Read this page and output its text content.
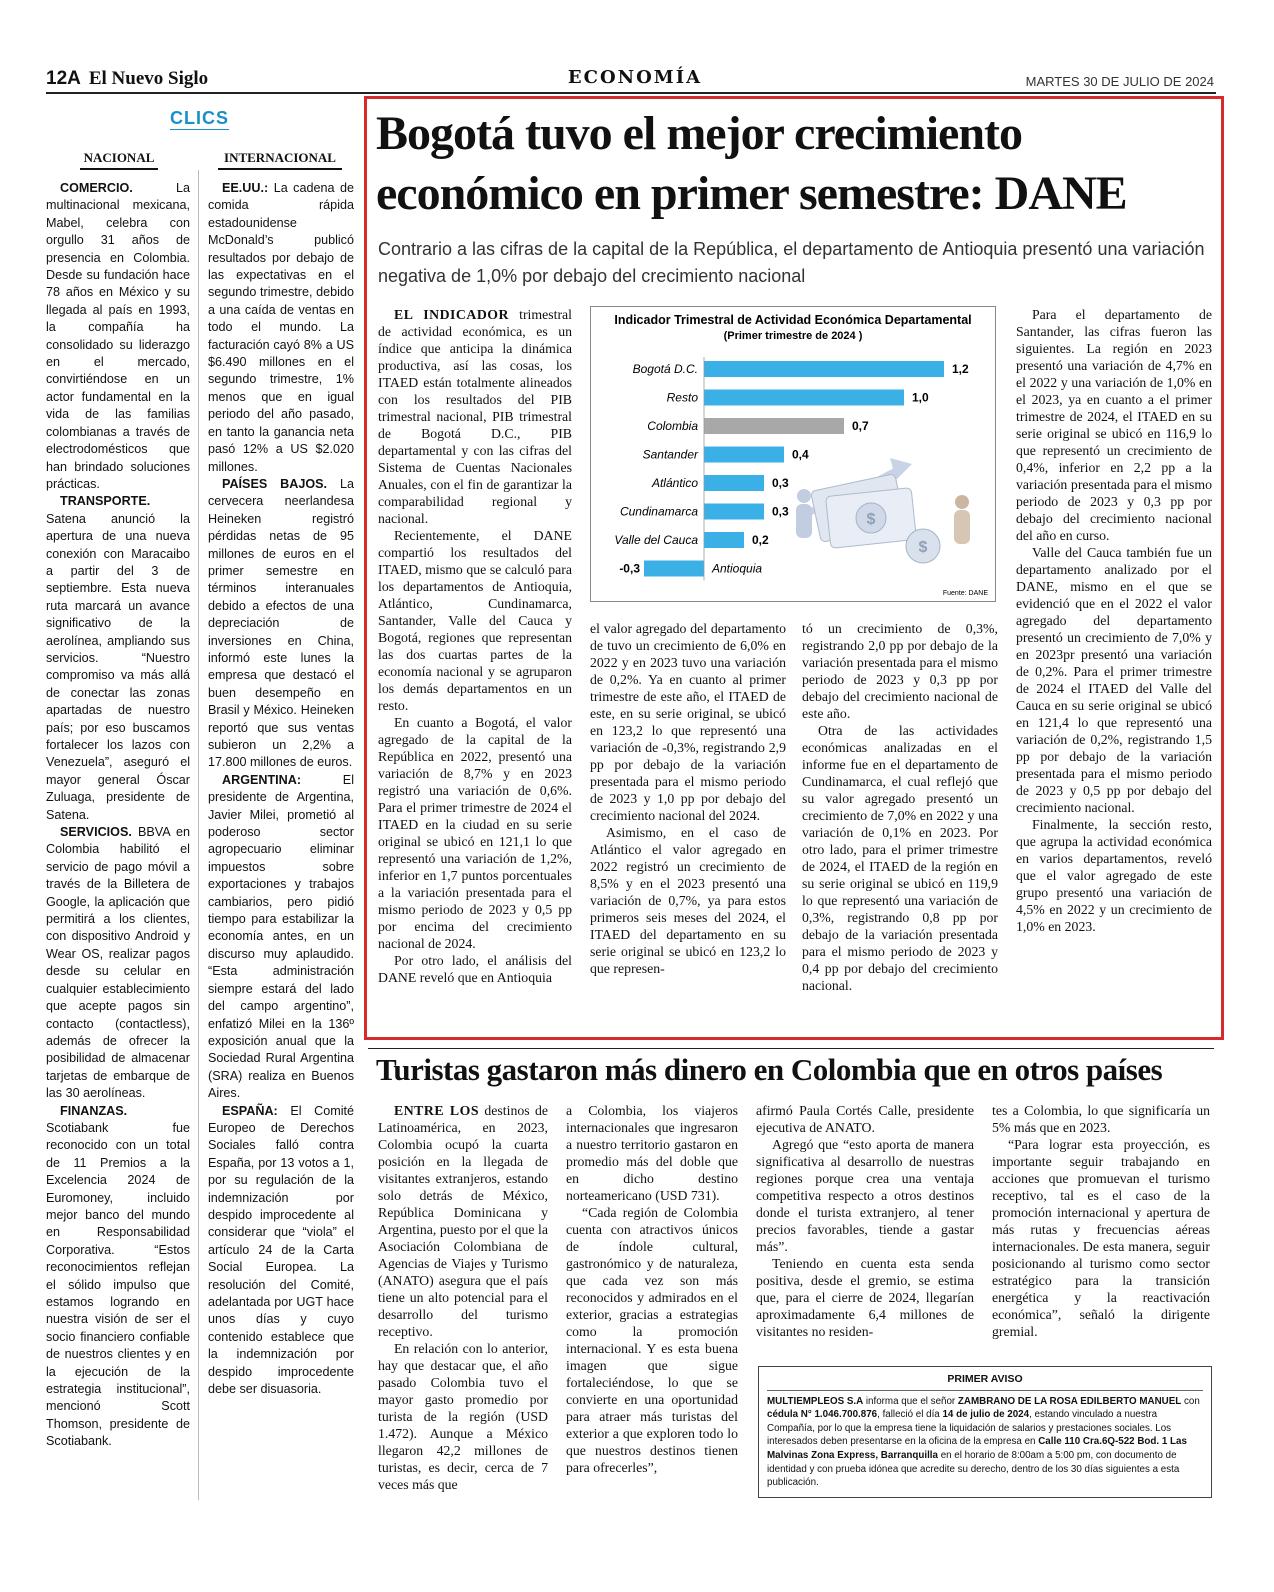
12A El Nuevo Siglo	ECONOMÍA	MARTES 30 DE JULIO DE 2024
CLICS
NACIONAL	INTERNACIONAL

COMERCIO.	La multinacional mexicana, Mabel, celebra con orgullo 31 años de presencia en Colombia. Desde su fundación hace 78 años en México y su llegada al país en 1993, la compañía ha consolidado su liderazgo en el mercado, convirtiéndose en un actor fundamental en la vida de las familias colombianas a través de electrodomésticos que han brindado soluciones prácticas.

TRANSPORTE. Satena anunció la apertura de una nueva conexión con Maracaibo a partir del 3 de septiembre. Esta nueva ruta marcará un avance significativo de la aerolínea, ampliando sus servicios. “Nuestro compromiso va más allá de conectar las zonas apartadas de nuestro país; por eso buscamos fortalecer los lazos con Venezuela”, aseguró el mayor general Óscar Zuluaga, presidente de Satena.

SERVICIOS. BBVA en Colombia habilitó el servicio de pago móvil a través de la Billetera de Google, la aplicación que permitirá a los clientes, con dispositivo Android y Wear OS, realizar pagos desde su celular en cualquier establecimiento que acepte pagos sin contacto (contactless), además de ofrecer la posibilidad de almacenar tarjetas de embarque de las 30 aerolíneas.

FINANZAS. Scotiabank fue reconocido con un total de 11 Premios a la Excelencia 2024 de Euromoney, incluido mejor banco del mundo en Responsabilidad Corporativa. “Estos reconocimientos reflejan el sólido impulso que estamos logrando en nuestra visión de ser el socio financiero confiable de nuestros clientes y en la ejecución de la estrategia institucional”, mencionó Scott Thomson, presidente de Scotiabank.

EE.UU.: La cadena de comida rápida estadounidense McDonald’s publicó resultados por debajo de las expectativas en el segundo trimestre, debido a una caída de ventas en todo el mundo. La facturación cayó 8% a US $6.490 millones en el segundo trimestre, 1% menos que en igual periodo del año pasado, en tanto la ganancia neta pasó 12% a US $2.020 millones.

PAÍSES BAJOS. La cervecera neerlandesa Heineken registró pérdidas netas de 95 millones de euros en el primer semestre en términos interanuales debido a efectos de una depreciación de inversiones en China, informó este lunes la empresa que destacó el buen desempeño en Brasil y México. Heineken reportó que sus ventas subieron un 2,2% a 17.800 millones de euros.

ARGENTINA:	El presidente de Argentina, Javier Milei, prometió al poderoso sector agropecuario eliminar impuestos sobre exportaciones y trabajos cambiarios, pero pidió tiempo para estabilizar la economía antes, en un discurso muy aplaudido. “Esta administración siempre estará del lado del campo argentino”, enfatizó Milei en la 136º exposición anual que la Sociedad Rural Argentina (SRA) realiza en Buenos Aires.

ESPAÑA: El Comité Europeo de Derechos Sociales falló contra España, por 13 votos a 1, por su regulación de la indemnización por despido improcedente al considerar que “viola” el artículo 24 de la Carta Social Europea. La resolución del Comité, adelantada por UGT hace unos días y cuyo contenido establece que la indemnización por despido improcedente debe ser disuasoria.

Bogotá tuvo el mejor crecimiento económico en primer semestre: DANE
Contrario a las cifras de la capital de la República, el departamento de Antioquia presentó una variación negativa de 1,0% por debajo del crecimiento nacional

EL INDICADOR trimestral de actividad económica, es un índice que anticipa la dinámica productiva, así las cosas, los ITAED están totalmente alineados con los resultados del PIB trimestral nacional, PIB trimestral de Bogotá D.C., PIB departamental y con las cifras del Sistema de Cuentas Nacionales Anuales, con el fin de garantizar la comparabilidad regional y nacional.

Recientemente, el DANE compartió los resultados del ITAED, mismo que se calculó para los departamentos de Antioquia, Atlántico, Cundinamarca, Santander, Valle del Cauca y Bogotá, regiones que representan las dos cuartas partes de la economía nacional y se agruparon los demás departamentos en un resto.

En cuanto a Bogotá, el valor agregado de la capital de la República en 2022, presentó una variación de 8,7% y en 2023 registró una variación de 0,6%. Para el primer trimestre de 2024 el ITAED en la ciudad en su serie original se ubicó en 121,1 lo que representó una variación de 1,2%, inferior en 1,7 puntos porcentuales a la variación presentada para el mismo periodo de 2023 y 0,5 pp por encima del crecimiento nacional de 2024.

Por otro lado, el análisis del DANE reveló que en Antioquia

Indicador Trimestral de Actividad Económica Departamental
(Primer trimestre de 2024 )
$
$
Bogotá D.C.	1,2
Resto	1,0
Colombia	0,7
Santander	0,4
Atlántico	0,3
Cundinamarca	0,3
Valle del Cauca	0,2
Antioquia
-0,3
Fuente: DANE

el valor agregado del departamento de tuvo un crecimiento de 6,0% en 2022 y en 2023 tuvo una variación de 0,2%. Ya en cuanto al primer trimestre de este año, el ITAED de este, en su serie original, se ubicó en 123,2 lo que representó una variación de -0,3%, registrando 2,9 pp por debajo de la variación presentada para el mismo periodo de 2023 y 1,0 pp por debajo del crecimiento nacional del 2024.

Asimismo, en el caso de Atlántico el valor agregado en 2022 registró un crecimiento de 8,5% y en el 2023 presentó una variación de 0,7%, ya para estos primeros seis meses del 2024, el ITAED del departamento en su serie original se ubicó en 123,2 lo que represen-

tó un crecimiento de 0,3%, registrando 2,0 pp por debajo de la variación presentada para el mismo periodo de 2023 y 0,3 pp por debajo del crecimiento nacional de este año.

Otra de las actividades económicas analizadas en el informe fue en el departamento de Cundinamarca, el cual reflejó que su valor agregado presentó un crecimiento de 7,0% en 2022 y una variación de 0,1% en 2023. Por otro lado, para el primer trimestre de 2024, el ITAED de la región en su serie original se ubicó en 119,9 lo que representó una variación de 0,3%, registrando 0,8 pp por debajo de la variación presentada para el mismo periodo de 2023 y 0,4 pp por debajo del crecimiento nacional.

Para el departamento de Santander, las cifras fueron las siguientes. La región en 2023 presentó una variación de 4,7% en el 2022 y una variación de 1,0% en el 2023, ya en cuanto a el primer trimestre de 2024, el ITAED en su serie original se ubicó en 116,9 lo que representó un crecimiento de 0,4%, inferior en 2,2 pp a la variación presentada para el mismo periodo de 2023 y 0,3 pp por debajo del crecimiento nacional del año en curso.

Valle del Cauca también fue un departamento analizado por el DANE, mismo en el que se evidenció que en el 2022 el valor agregado del departamento presentó un crecimiento de 7,0% y en 2023pr presentó una variación de 0,2%. Para el primer trimestre de 2024 el ITAED del Valle del Cauca en su serie original se ubicó en 121,4 lo que representó una variación de 0,2%, registrando 1,5 pp por debajo de la variación presentada para el mismo periodo de 2023 y 0,5 pp por debajo del crecimiento nacional.

Finalmente, la sección resto, que agrupa la actividad económica en varios departamentos, reveló que el valor agregado de este grupo presentó una variación de 4,5% en 2022 y un crecimiento de 1,0% en 2023.

Turistas gastaron más dinero en Colombia que en otros países

ENTRE LOS destinos de Latinoamérica, en 2023, Colombia ocupó la cuarta posición en la llegada de visitantes extranjeros, estando solo detrás de México, República Dominicana y Argentina, puesto por el que la Asociación Colombiana de Agencias de Viajes y Turismo (ANATO) asegura que el país tiene un alto potencial para el desarrollo del turismo receptivo.

En relación con lo anterior, hay que destacar que, el año pasado Colombia tuvo el mayor gasto promedio por turista de la región (USD 1.472). Aunque a México llegaron 42,2 millones de turistas, es decir, cerca de 7 veces más que

a Colombia, los viajeros internacionales que ingresaron a nuestro territorio gastaron en promedio más del doble que en dicho destino norteamericano (USD 731).

“Cada región de Colombia cuenta con atractivos únicos de índole cultural, gastronómico y de naturaleza, que cada vez son más reconocidos y admirados en el exterior, gracias a estrategias como la promoción internacional. Y es esta buena imagen que sigue fortaleciéndose, lo que se convierte en una oportunidad para atraer más turistas del exterior a que exploren todo lo que nuestros destinos tienen para ofrecerles”,

afirmó Paula Cortés Calle, presidente ejecutiva de ANATO.

Agregó que “esto aporta de manera significativa al desarrollo de nuestras regiones porque crea una ventaja competitiva respecto a otros destinos donde el turista extranjero, al tener precios favorables, tiende a gastar más”.

Teniendo en cuenta esta senda positiva, desde el gremio, se estima que, para el cierre de 2024, llegarían aproximadamente 6,4 millones de visitantes no residen-

tes a Colombia, lo que significaría un 5% más que en 2023.

“Para lograr esta proyección, es importante seguir trabajando en acciones que promuevan el turismo receptivo, tal es el caso de la promoción internacional y apertura de más rutas y frecuencias aéreas internacionales. De esta manera, seguir posicionando al turismo como sector estratégico para la transición energética y la reactivación económica”, señaló la dirigente gremial.

PRIMER AVISO
MULTIEMPLEOS S.A informa que el señor ZAMBRANO DE LA ROSA EDILBERTO MANUEL con cédula N° 1.046.700.876, falleció el día 14 de julio de 2024, estando vinculado a nuestra Compañía, por lo que la empresa tiene la liquidación de salarios y prestaciones sociales. Los interesados deben presentarse en la oficina de la empresa en Calle 110 Cra.6Q-522 Bod. 1 Las Malvinas Zona Express, Barranquilla en el horario de 8:00am a 5:00 pm, con documento de identidad y con prueba idónea que acredite su derecho, dentro de los 30 días siguientes a esta publicación.
